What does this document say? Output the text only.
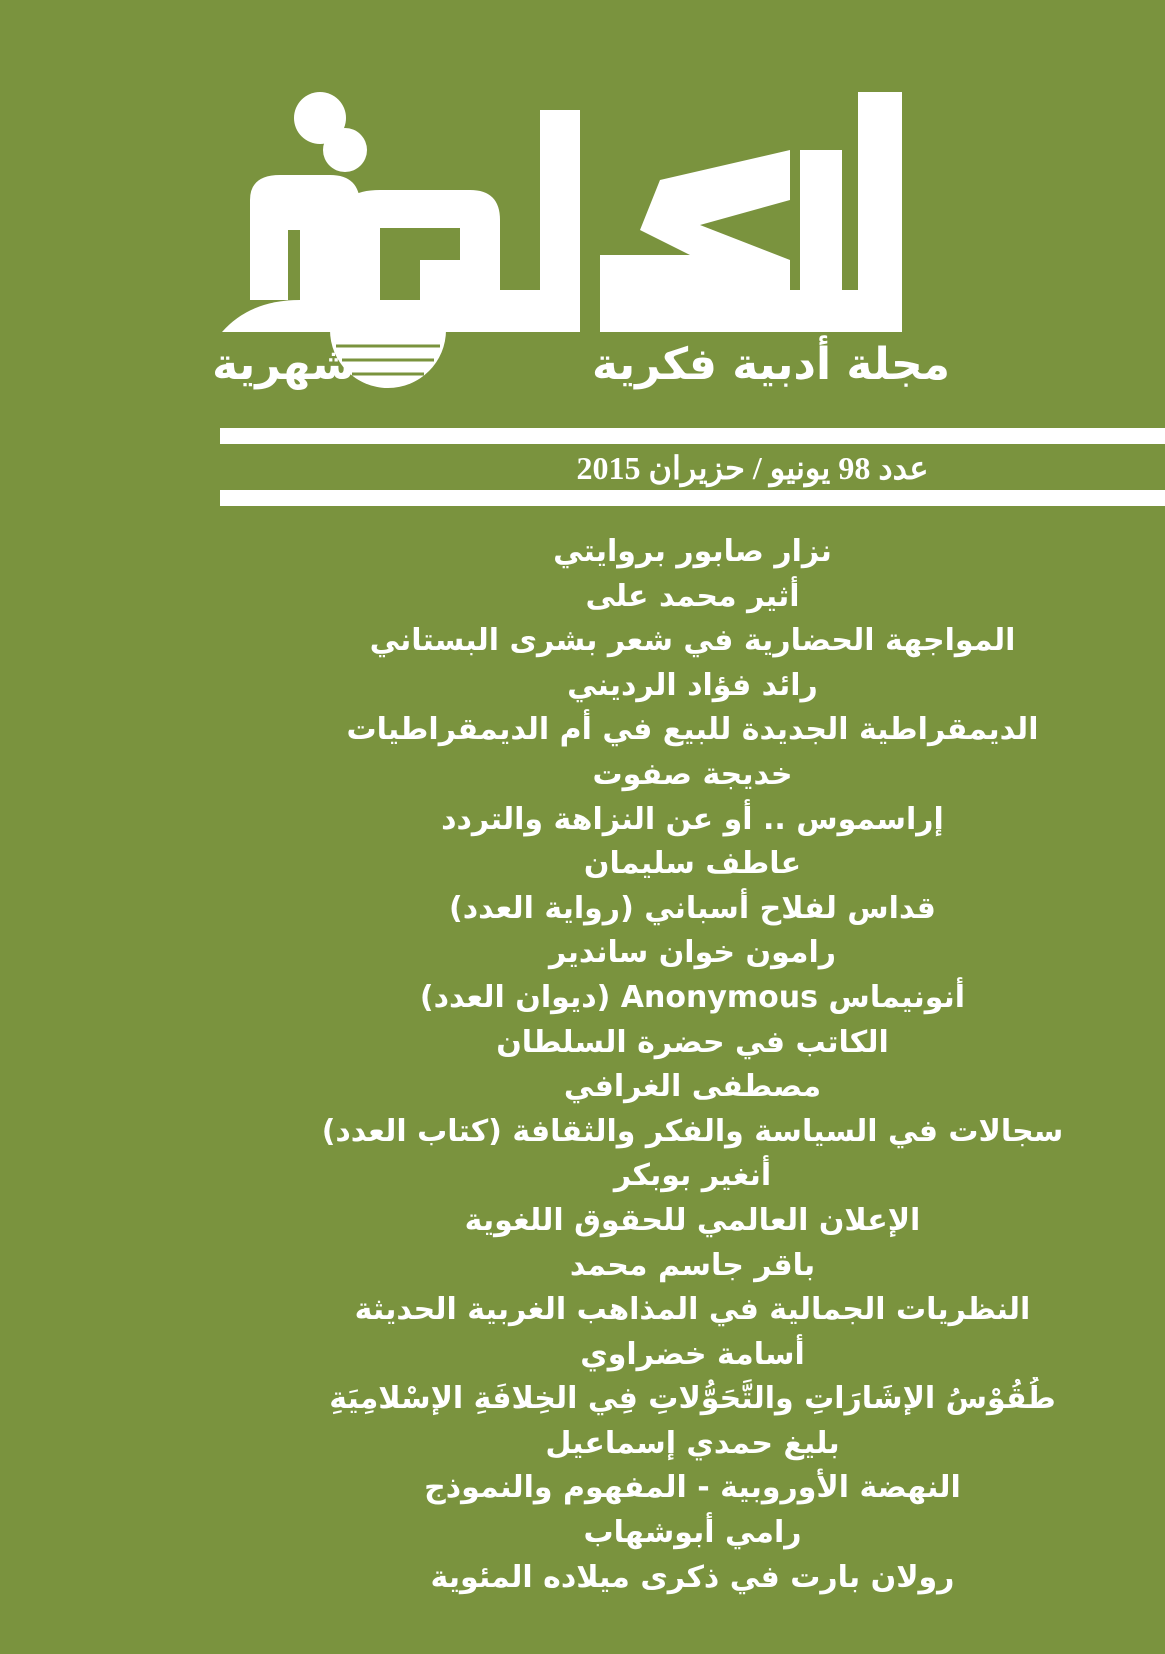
مجلة أدبية فكرية
شهرية
عدد 98 يونيو / حزيران 2015
نزار صابور بروايتي
أثير محمد على
المواجهة الحضارية في شعر بشرى البستاني
رائد فؤاد الرديني
الديمقراطية الجديدة للبيع في أم الديمقراطيات
خديجة صفوت
إراسموس .. أو عن النزاهة والتردد
عاطف سليمان
قداس لفلاح أسباني (رواية العدد)
رامون خوان ساندير
أنونيماس Anonymous (ديوان العدد)
الكاتب في حضرة السلطان
مصطفى الغرافي
سجالات في السياسة والفكر والثقافة (كتاب العدد)
أنغير بوبكر
الإعلان العالمي للحقوق اللغوية
باقر جاسم محمد
النظريات الجمالية في المذاهب الغربية الحديثة
أسامة خضراوي
طُقُوْسُ الإشَارَاتِ والتَّحَوُّلاتِ فِي الخِلافَةِ الإسْلامِيَةِ
بليغ حمدي إسماعيل
النهضة الأوروبية - المفهوم والنموذج
رامي أبوشهاب
رولان بارت في ذكرى ميلاده المئوية
